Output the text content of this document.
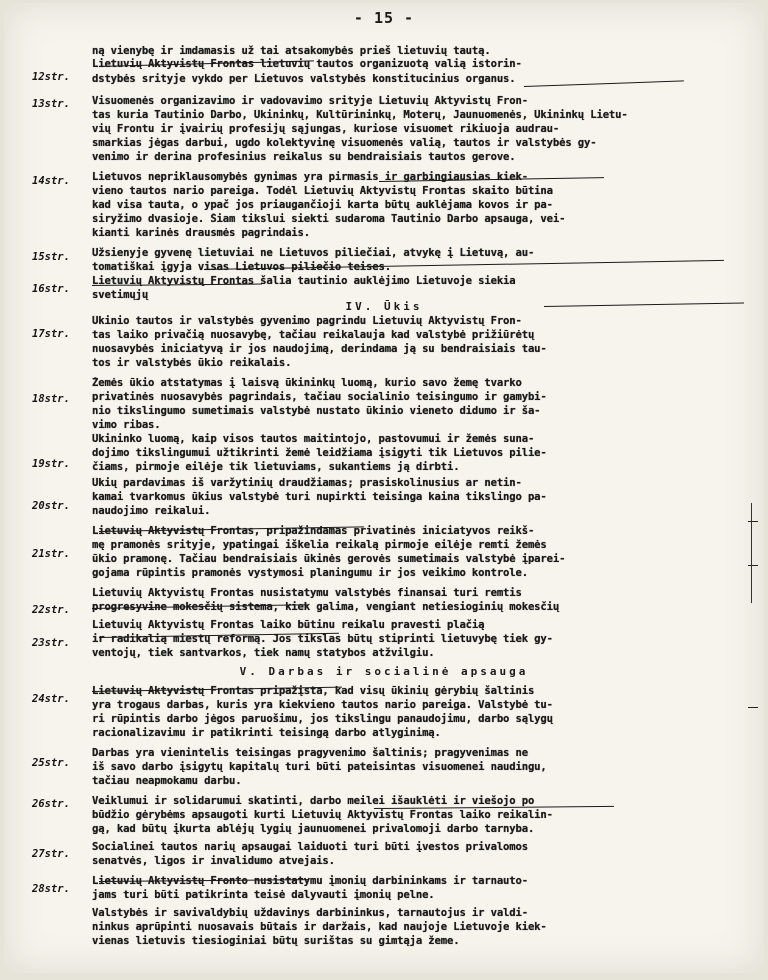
- 15 -
12str.
13str.
14str.
15str.
16str.
17str.
18str.
19str.
20str.
21str.
22str.
23str.
24str.
25str.
26str.
27str.
28str.
ną vienybę ir imdamasis už tai atsakomybės prieš lietuvių tautą.
Lietuvių Aktyvistų Frontas lietuvių tautos organizuotą valią istorin-
dstybės srityje vykdo per Lietuvos valstybės konstitucinius organus.
Visuomenės organizavimo ir vadovavimo srityje Lietuvių Aktyvistų Fron-
tas kuria Tautinio Darbo, Ūkininkų, Kultūrininkų, Moterų, Jaunuomenės, Ūkininkų Lietu-
vių Frontu ir įvairių profesijų sąjungas, kuriose visuomet rikiuoja audrau-
smarkias jėgas darbui, ugdo kolektyvinę visuomenės valią, tautos ir valstybės gy-
venimo ir derina profesinius reikalus su bendraisiais tautos gerove.
Lietuvos nepriklausomybės gynimas yra pirmasis ir garbingiausias kiek-
vieno tautos nario pareiga. Todėl Lietuvių Aktyvistų Frontas skaito būtina
kad visa tauta, o ypač jos priaugančioji karta būtų auklėjama kovos ir pa-
siryžimo dvasioje. Šiam tikslui siekti sudaroma Tautinio Darbo apsauga, vei-
kianti karinės drausmės pagrindais.
Užsienyje gyvenę lietuviai ne Lietuvos piliečiai, atvykę į Lietuvą, au-
tomatiškai įgyja visas Lietuvos piliečio teises.
Lietuvių Aktyvistų Frontas šalia tautinio auklėjimo Lietuvoje siekia
svetimųjų
IV. Ūkis
Ūkinio tautos ir valstybės gyvenimo pagrindu Lietuvių Aktyvistų Fron-
tas laiko privačią nuosavybę, tačiau reikalauja kad valstybė prižiūrėtų
nuosavybės iniciatyvą ir jos naudojimą, derindama ją su bendraisiais tau-
tos ir valstybės ūkio reikalais.
Žemės ūkio atstatymas į laisvą ūkininkų luomą, kurio savo žemę tvarko
privatinės nuosavybės pagrindais, tačiau socialinio teisingumo ir gamybi-
nio tikslingumo sumetimais valstybė nustato ūkinio vieneto didumo ir ša-
vimo ribas.
Ūkininko luomą, kaip visos tautos maitintojo, pastovumui ir žemės suna-
dojimo tikslingumui užtikrinti žemė leidžiama įsigyti tik Lietuvos pilie-
čiams, pirmoje eilėje tik lietuviams, sukantiems ją dirbti.
Ūkių pardavimas iš varžytinių draudžiamas; prasiskolinusius ar netin-
kamai tvarkomus ūkius valstybė turi nupirkti teisinga kaina tikslingo pa-
naudojimo reikalui.
Lietuvių Aktyvistų Frontas, pripažindamas privatinės iniciatyvos reikš-
mę pramonės srityje, ypatingai iškelia reikalą pirmoje eilėje remti žemės
ūkio pramonę. Tačiau bendraisiais ūkinės gerovės sumetimais valstybė įparei-
gojama rūpintis pramonės vystymosi planingumu ir jos veikimo kontrole.
Lietuvių Aktyvistų Frontas nusistatymu valstybės finansai turi remtis
progresyvine mokesčių sistema, kiek galima, vengiant netiesioginių mokesčių
Lietuvių Aktyvistų Frontas laiko būtinu reikalu pravesti plačią
ir radikalią miestų reformą. Jos tikslas būtų stiprinti lietuvybę tiek gy-
ventojų, tiek santvarkos, tiek namų statybos atžvilgiu.
V. Darbas ir socialinė apsauga
Lietuvių Aktyvistų Frontas pripažįsta, kad visų ūkinių gėrybių šaltinis
yra trogaus darbas, kuris yra kiekvieno tautos nario pareiga. Valstybė tu-
ri rūpintis darbo jėgos paruošimu, jos tikslingu panaudojimu, darbo sąlygų
racionalizavimu ir patikrinti teisingą darbo atlyginimą.
Darbas yra vienintelis teisingas pragyvenimo šaltinis; pragyvenimas ne
iš savo darbo įsigytų kapitalų turi būti pateisintas visuomenei naudingu,
tačiau neapmokamu darbu.
Veiklumui ir solidarumui skatinti, darbo meilei išauklėti ir viešojo po
būdžio gėrybėms apsaugoti kurti Lietuvių Aktyvistų Frontas laiko reikalin-
gą, kad būtų įkurta ablėjų lygių jaunuomenei privalomoji darbo tarnyba.
Socialinei tautos narių apsaugai laiduoti turi būti įvestos privalomos
senatvės, ligos ir invalidumo atvejais.
Lietuvių Aktyvistų Fronto nusistatymu įmonių darbininkams ir tarnauto-
jams turi būti patikrinta teisė dalyvauti įmonių pelne.
Valstybės ir savivaldybių uždavinys darbininkus, tarnautojus ir valdi-
ninkus aprūpinti nuosavais būtais ir daržais, kad naujoje Lietuvoje kiek-
vienas lietuvis tiesioginiai būtų surištas su gimtąja žeme.
